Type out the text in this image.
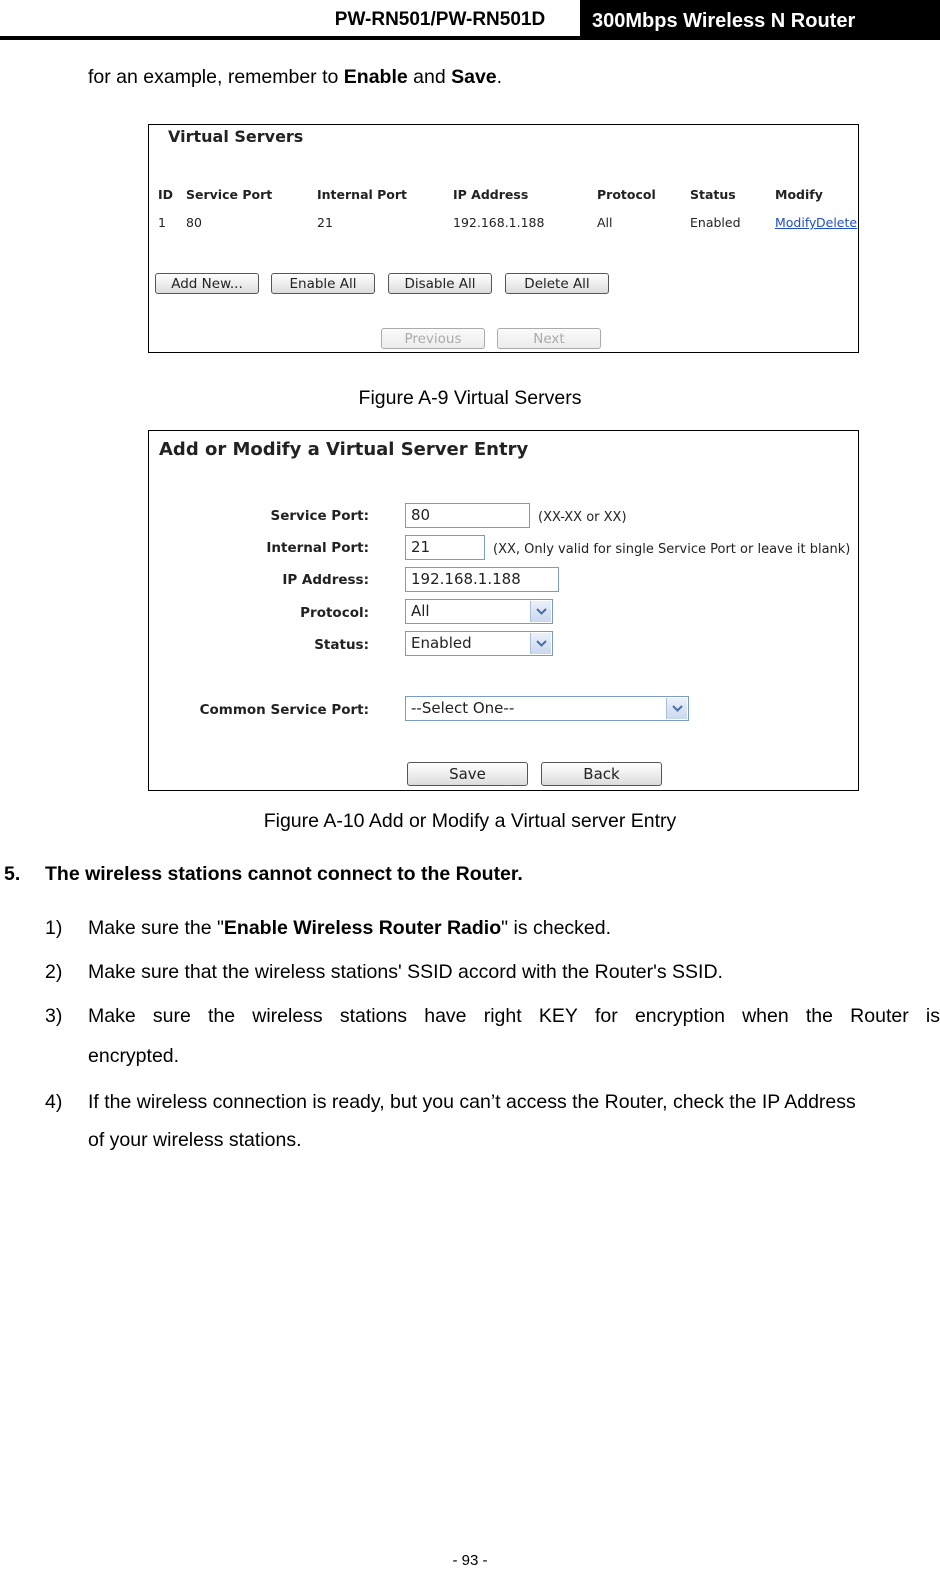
PW-RN501/PW-RN501D	300Mbps Wireless N Router
for an example, remember to Enable and Save.
Virtual Servers
ID Service Port	Internal Port	IP Address	Protocol	Status	Modify
1 80	21	192.168.1.188	All	Enabled	Modify Delete
Add New...	Enable All	Disable All	Delete All
Previous	Next
Figure A-9 Virtual Servers
Add or Modify a Virtual Server Entry
Service Port:	80	(XX-XX or XX)
Internal Port:	21	(XX, Only valid for single Service Port or leave it blank)
IP Address:	192.168.1.188
Protocol:	All
Status:	Enabled
Common Service Port:	--Select One--
Save	Back
Figure A-10 Add or Modify a Virtual server Entry
5. The wireless stations cannot connect to the Router.
1) Make sure the "Enable Wireless Router Radio" is checked.
2) Make sure that the wireless stations' SSID accord with the Router's SSID.
3) Make sure the wireless stations have right KEY for encryption when the Router is
encrypted.
4) If the wireless connection is ready, but you can’t access the Router, check the IP Address
of your wireless stations.
- 93 -
